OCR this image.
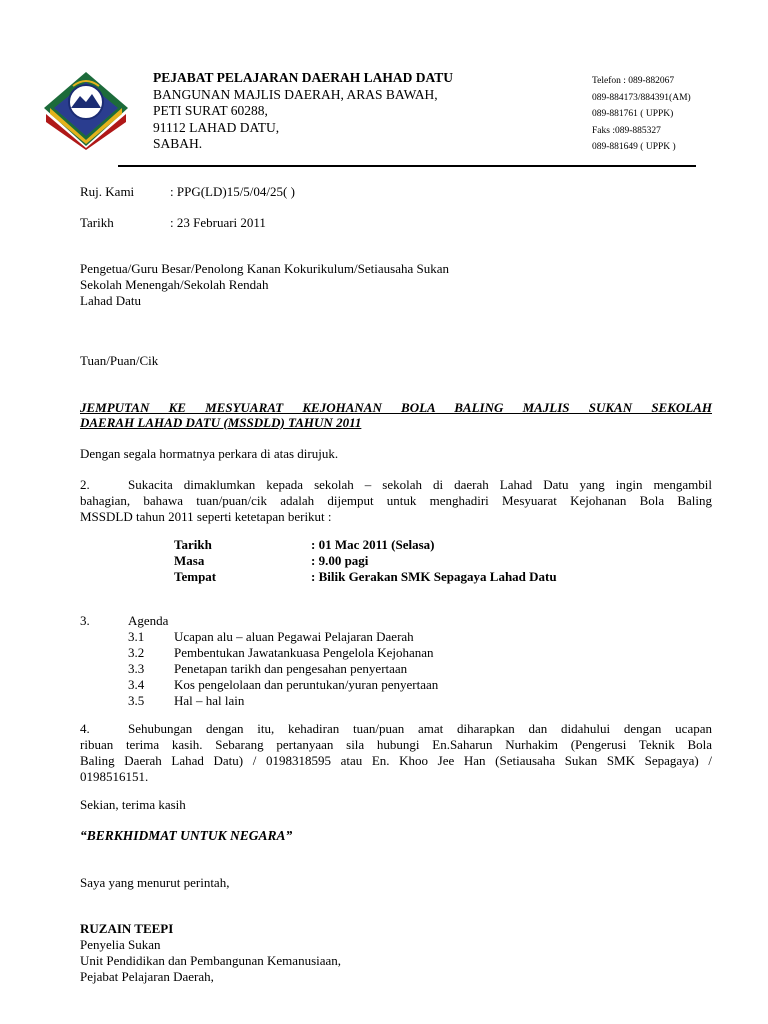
PEJABAT PELAJARAN DAERAH LAHAD DATU
BANGUNAN MAJLIS DAERAH, ARAS BAWAH,
PETI SURAT 60288,
91112 LAHAD DATU,
SABAH.
Telefon : 089-882067
089-884173/884391(AM)
089-881761 ( UPPK)
Faks :089-885327
089-881649 ( UPPK )
Ruj. Kami	: PPG(LD)15/5/04/25( )
Tarikh	: 23 Februari 2011
Pengetua/Guru Besar/Penolong Kanan Kokurikulum/Setiausaha Sukan
Sekolah Menengah/Sekolah Rendah
Lahad Datu
Tuan/Puan/Cik
JEMPUTAN KE MESYUARAT KEJOHANAN BOLA BALING MAJLIS SUKAN SEKOLAH
DAERAH LAHAD DATU (MSSDLD) TAHUN 2011
Dengan segala hormatnya perkara di atas dirujuk.
2.	Sukacita dimaklumkan kepada sekolah – sekolah di daerah Lahad Datu yang ingin mengambil
bahagian, bahawa tuan/puan/cik adalah dijemput untuk menghadiri Mesyuarat Kejohanan Bola Baling
MSSDLD tahun 2011 seperti ketetapan berikut :
Tarikh	: 01 Mac 2011 (Selasa)
Masa	: 9.00 pagi
Tempat	: Bilik Gerakan SMK Sepagaya Lahad Datu
3.	Agenda
3.1 Ucapan alu – aluan Pegawai Pelajaran Daerah
3.2 Pembentukan Jawatankuasa Pengelola Kejohanan
3.3 Penetapan tarikh dan pengesahan penyertaan
3.4 Kos pengelolaan dan peruntukan/yuran penyertaan
3.5 Hal – hal lain
4.	Sehubungan dengan itu, kehadiran tuan/puan amat diharapkan dan didahului dengan ucapan
ribuan terima kasih. Sebarang pertanyaan sila hubungi En.Saharun Nurhakim (Pengerusi Teknik Bola
Baling Daerah Lahad Datu) / 0198318595 atau En. Khoo Jee Han (Setiausaha Sukan SMK Sepagaya) /
0198516151.
Sekian, terima kasih
“BERKHIDMAT UNTUK NEGARA”
Saya yang menurut perintah,
RUZAIN TEEPI
Penyelia Sukan
Unit Pendidikan dan Pembangunan Kemanusiaan,
Pejabat Pelajaran Daerah,
